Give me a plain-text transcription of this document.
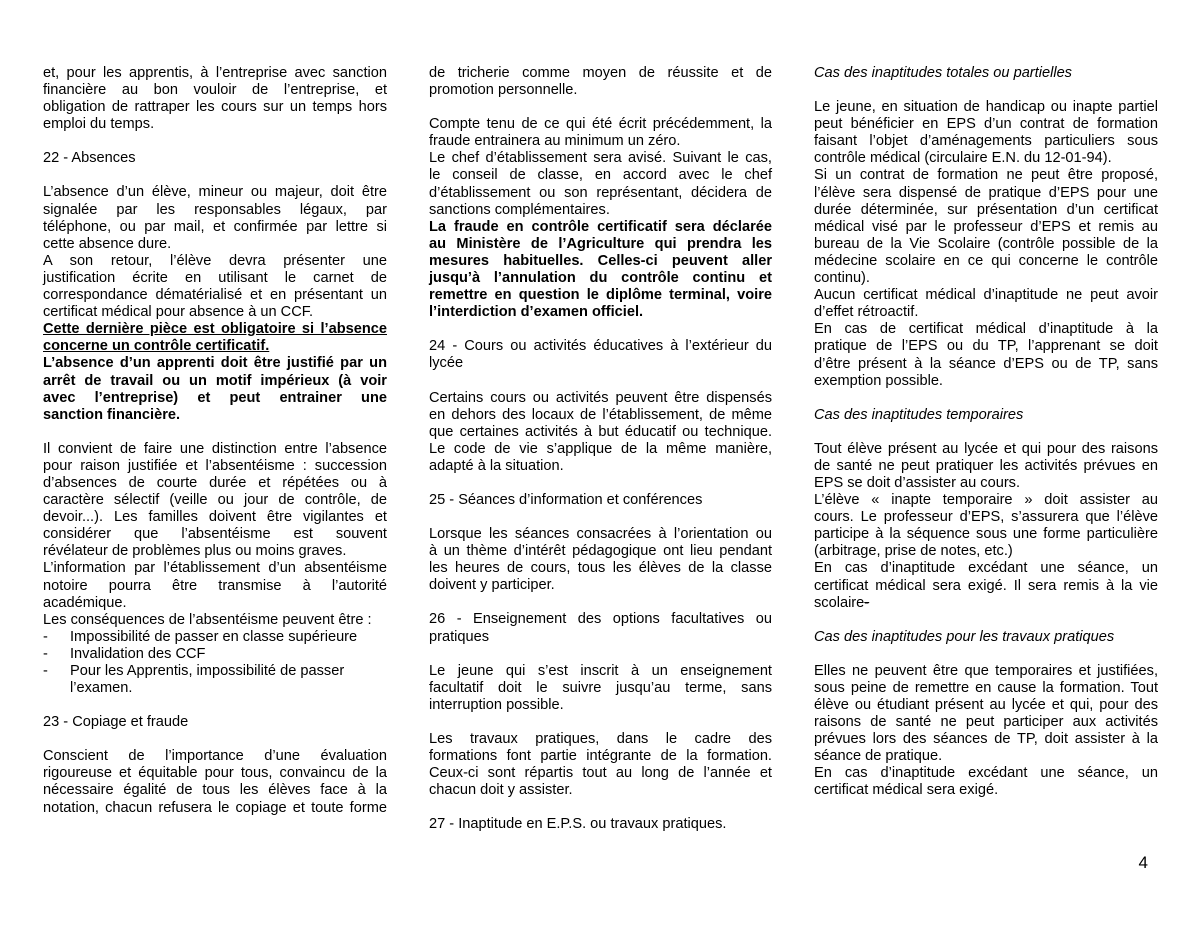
et, pour les apprentis, à l’entreprise avec sanction
financière au bon vouloir de l’entreprise, et
obligation de rattraper les cours sur un temps hors
emploi du temps.

22 - Absences

L’absence d’un élève, mineur ou majeur, doit être
signalée par les responsables légaux, par
téléphone, ou par mail, et confirmée par lettre si
cette absence dure.

A son retour, l’élève devra présenter une
justification écrite en utilisant le carnet de
correspondance dématérialisé et en présentant un
certificat médical pour absence à un CCF.

Cette dernière pièce est obligatoire si l’absence
concerne un contrôle certificatif.

L’absence d’un apprenti doit être justifié par un
arrêt de travail ou un motif impérieux (à voir
avec l’entreprise) et peut entrainer une
sanction financière.

Il convient de faire une distinction entre l’absence
pour raison justifiée et l’absentéisme : succession
d’absences de courte durée et répétées ou à
caractère sélectif (veille ou jour de contrôle, de
devoir...). Les familles doivent être vigilantes et
considérer que l’absentéisme est souvent
révélateur de problèmes plus ou moins graves.

L’information par l’établissement d’un absentéisme
notoire pourra être transmise à l’autorité
académique.

Les conséquences de l’absentéisme peuvent être :

- Impossibilité de passer en classe supérieure
- Invalidation des CCF
- Pour les Apprentis, impossibilité de passer l’examen.

23 - Copiage et fraude

Conscient de l’importance d’une évaluation
rigoureuse et équitable pour tous, convaincu de la
nécessaire égalité de tous les élèves face à la
notation, chacun refusera le copiage et toute forme

de tricherie comme moyen de réussite et de
promotion personnelle.

Compte tenu de ce qui été écrit précédemment, la
fraude entrainera au minimum un zéro.

Le chef d’établissement sera avisé. Suivant le cas,
le conseil de classe, en accord avec le chef
d’établissement ou son représentant, décidera de
sanctions complémentaires.

La fraude en contrôle certificatif sera déclarée
au Ministère de l’Agriculture qui prendra les
mesures habituelles. Celles-ci peuvent aller
jusqu’à l’annulation du contrôle continu et
remettre en question le diplôme terminal, voire
l’interdiction d’examen officiel.

24 - Cours ou activités éducatives à l’extérieur du
lycée

Certains cours ou activités peuvent être dispensés
en dehors des locaux de l’établissement, de même
que certaines activités à but éducatif ou technique.
Le code de vie s’applique de la même manière,
adapté à la situation.

25 - Séances d’information et conférences

Lorsque les séances consacrées à l’orientation ou
à un thème d’intérêt pédagogique ont lieu pendant
les heures de cours, tous les élèves de la classe
doivent y participer.

26 - Enseignement des options facultatives ou
pratiques

Le jeune qui s’est inscrit à un enseignement
facultatif doit le suivre jusqu’au terme, sans
interruption possible.

Les travaux pratiques, dans le cadre des
formations font partie intégrante de la formation.
Ceux-ci sont répartis tout au long de l’année et
chacun doit y assister.

27 - Inaptitude en E.P.S. ou travaux pratiques.

Cas des inaptitudes totales ou partielles

Le jeune, en situation de handicap ou inapte partiel
peut bénéficier en EPS d’un contrat de formation
faisant l’objet d’aménagements particuliers sous
contrôle médical (circulaire E.N. du 12-01-94).

Si un contrat de formation ne peut être proposé,
l’élève sera dispensé de pratique d’EPS pour une
durée déterminée, sur présentation d’un certificat
médical visé par le professeur d’EPS et remis au
bureau de la Vie Scolaire (contrôle possible de la
médecine scolaire en ce qui concerne le contrôle
continu).

Aucun certificat médical d’inaptitude ne peut avoir
d’effet rétroactif.

En cas de certificat médical d’inaptitude à la
pratique de l’EPS ou du TP, l’apprenant se doit
d’être présent à la séance d’EPS ou de TP, sans
exemption possible.

Cas des inaptitudes temporaires

Tout élève présent au lycée et qui pour des raisons
de santé ne peut pratiquer les activités prévues en
EPS se doit d’assister au cours.

L’élève « inapte temporaire » doit assister au
cours. Le professeur d’EPS, s’assurera que l’élève
participe à la séquence sous une forme particulière
(arbitrage, prise de notes, etc.)

En cas d’inaptitude excédant une séance, un
certificat médical sera exigé. Il sera remis à la vie
scolaire-

Cas des inaptitudes pour les travaux pratiques

Elles ne peuvent être que temporaires et justifiées,
sous peine de remettre en cause la formation. Tout
élève ou étudiant présent au lycée et qui, pour des
raisons de santé ne peut participer aux activités
prévues lors des séances de TP, doit assister à la
séance de pratique.

En cas d’inaptitude excédant une séance, un
certificat médical sera exigé.

4
